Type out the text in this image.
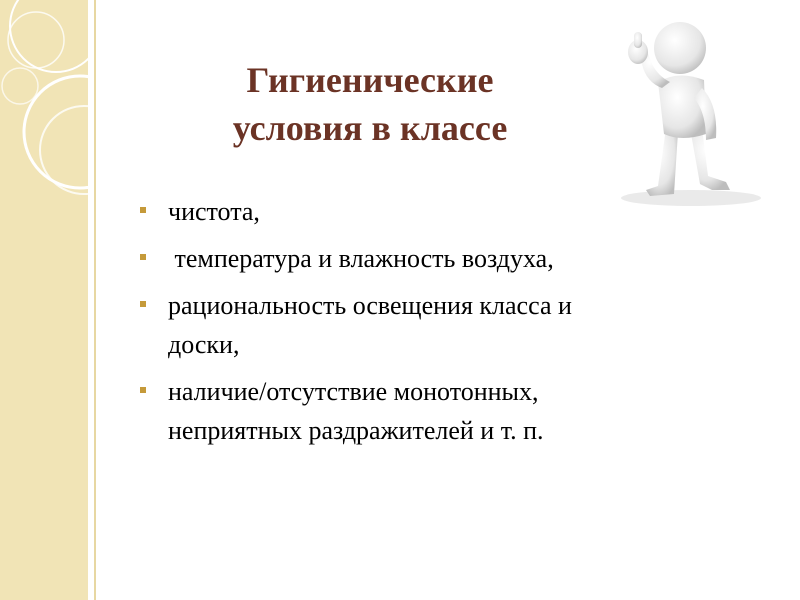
Гигиенические
условия в классе
чистота,
температура и влажность воздуха,
рациональность освещения класса и
доски,
наличие/отсутствие монотонных,
неприятных раздражителей и т. п.
